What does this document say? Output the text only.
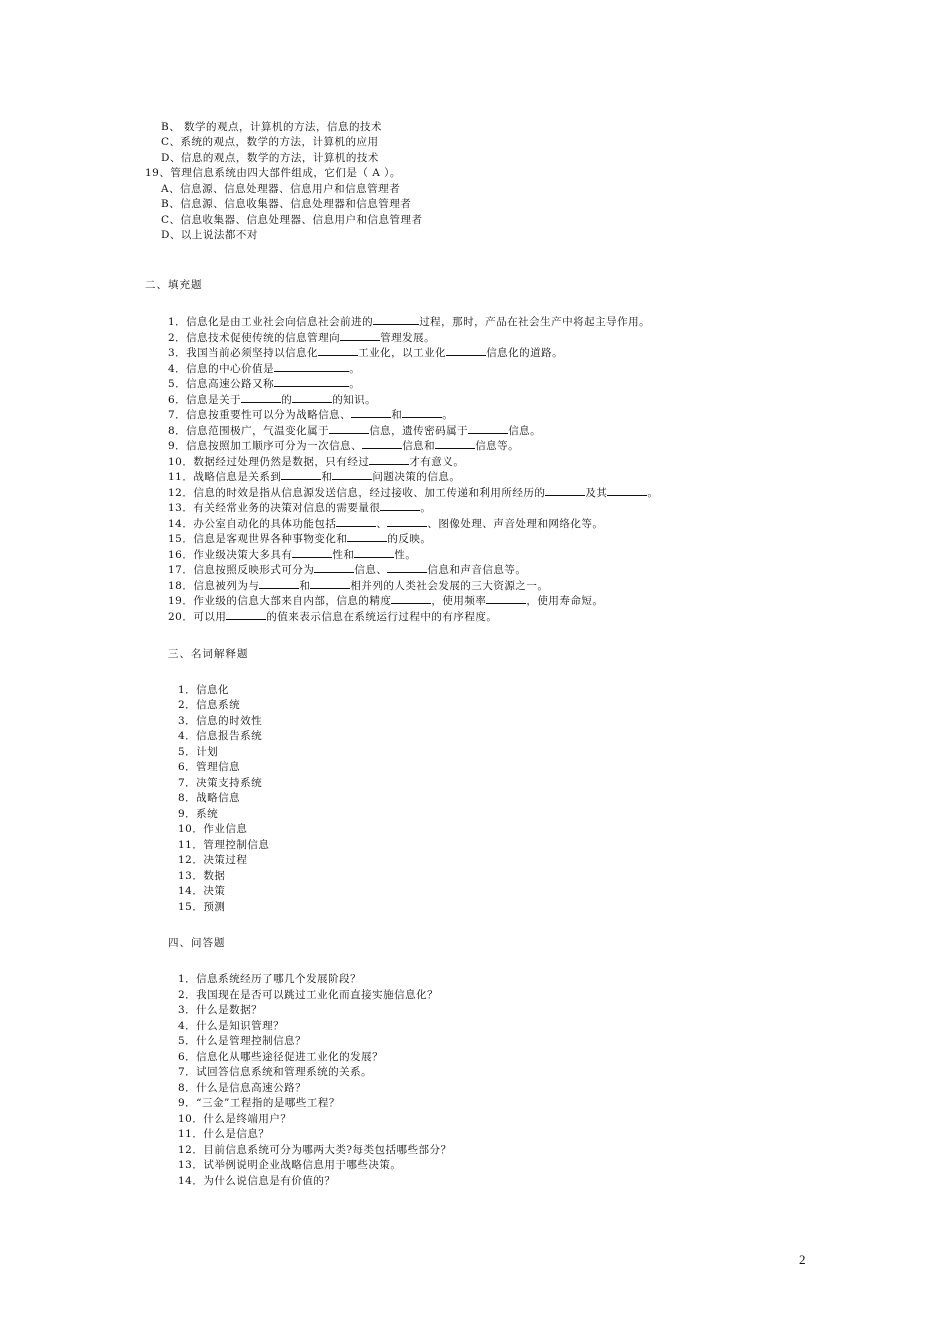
B、 数学的观点，计算机的方法，信息的技术
C、系统的观点，数学的方法，计算机的应用
D、信息的观点，数学的方法，计算机的技术
19、管理信息系统由四大部件组成，它们是（ A ）。
A、信息源、信息处理器、信息用户和信息管理者
B、信息源、信息收集器、信息处理器和信息管理者
C、信息收集器、信息处理器、信息用户和信息管理者
D、以上说法都不对
二、填充题
1．信息化是由工业社会向信息社会前进的	过程，那时，产品在社会生产中将起主导作用。
2．信息技术促使传统的信息管理向	管理发展。
3．我国当前必须坚持以信息化	工业化，以工业化	信息化的道路。
4．信息的中心价值是	。
5．信息高速公路又称	。
6．信息是关于	的	的知识。
7．信息按重要性可以分为战略信息、	和	。
8．信息范围极广，气温变化属于	信息，遗传密码属于	信息。
9．信息按照加工顺序可分为一次信息、	信息和	信息等。
10．数据经过处理仍然是数据，只有经过	才有意义。
11．战略信息是关系到	和	问题决策的信息。
12．信息的时效是指从信息源发送信息，经过接收、加工传递和利用所经历的	及其	。
13．有关经常业务的决策对信息的需要量很	。
14．办公室自动化的具体功能包括	、	、图像处理、声音处理和网络化等。
15．信息是客观世界各种事物变化和	的反映。
16．作业级决策大多具有	性和	性。
17．信息按照反映形式可分为	信息、	信息和声音信息等。
18．信息被列为与	和	相并列的人类社会发展的三大资源之一。
19．作业级的信息大部来自内部，信息的精度	，使用频率	，使用寿命短。
20．可以用	的值来表示信息在系统运行过程中的有序程度。
三、名词解释题
1．信息化
2．信息系统
3．信息的时效性
4．信息报告系统
5．计划
6．管理信息
7．决策支持系统
8．战略信息
9．系统
10．作业信息
11．管理控制信息
12．决策过程
13．数据
14．决策
15．预测
四、问答题
1．信息系统经历了哪几个发展阶段？
2．我国现在是否可以跳过工业化而直接实施信息化？
3．什么是数据？
4．什么是知识管理？
5．什么是管理控制信息？
6．信息化从哪些途径促进工业化的发展？
7．试回答信息系统和管理系统的关系。
8．什么是信息高速公路？
9．“三金”工程指的是哪些工程？
10．什么是终端用户？
11．什么是信息？
12．目前信息系统可分为哪两大类?每类包括哪些部分？
13．试举例说明企业战略信息用于哪些决策。
14．为什么说信息是有价值的？
2
